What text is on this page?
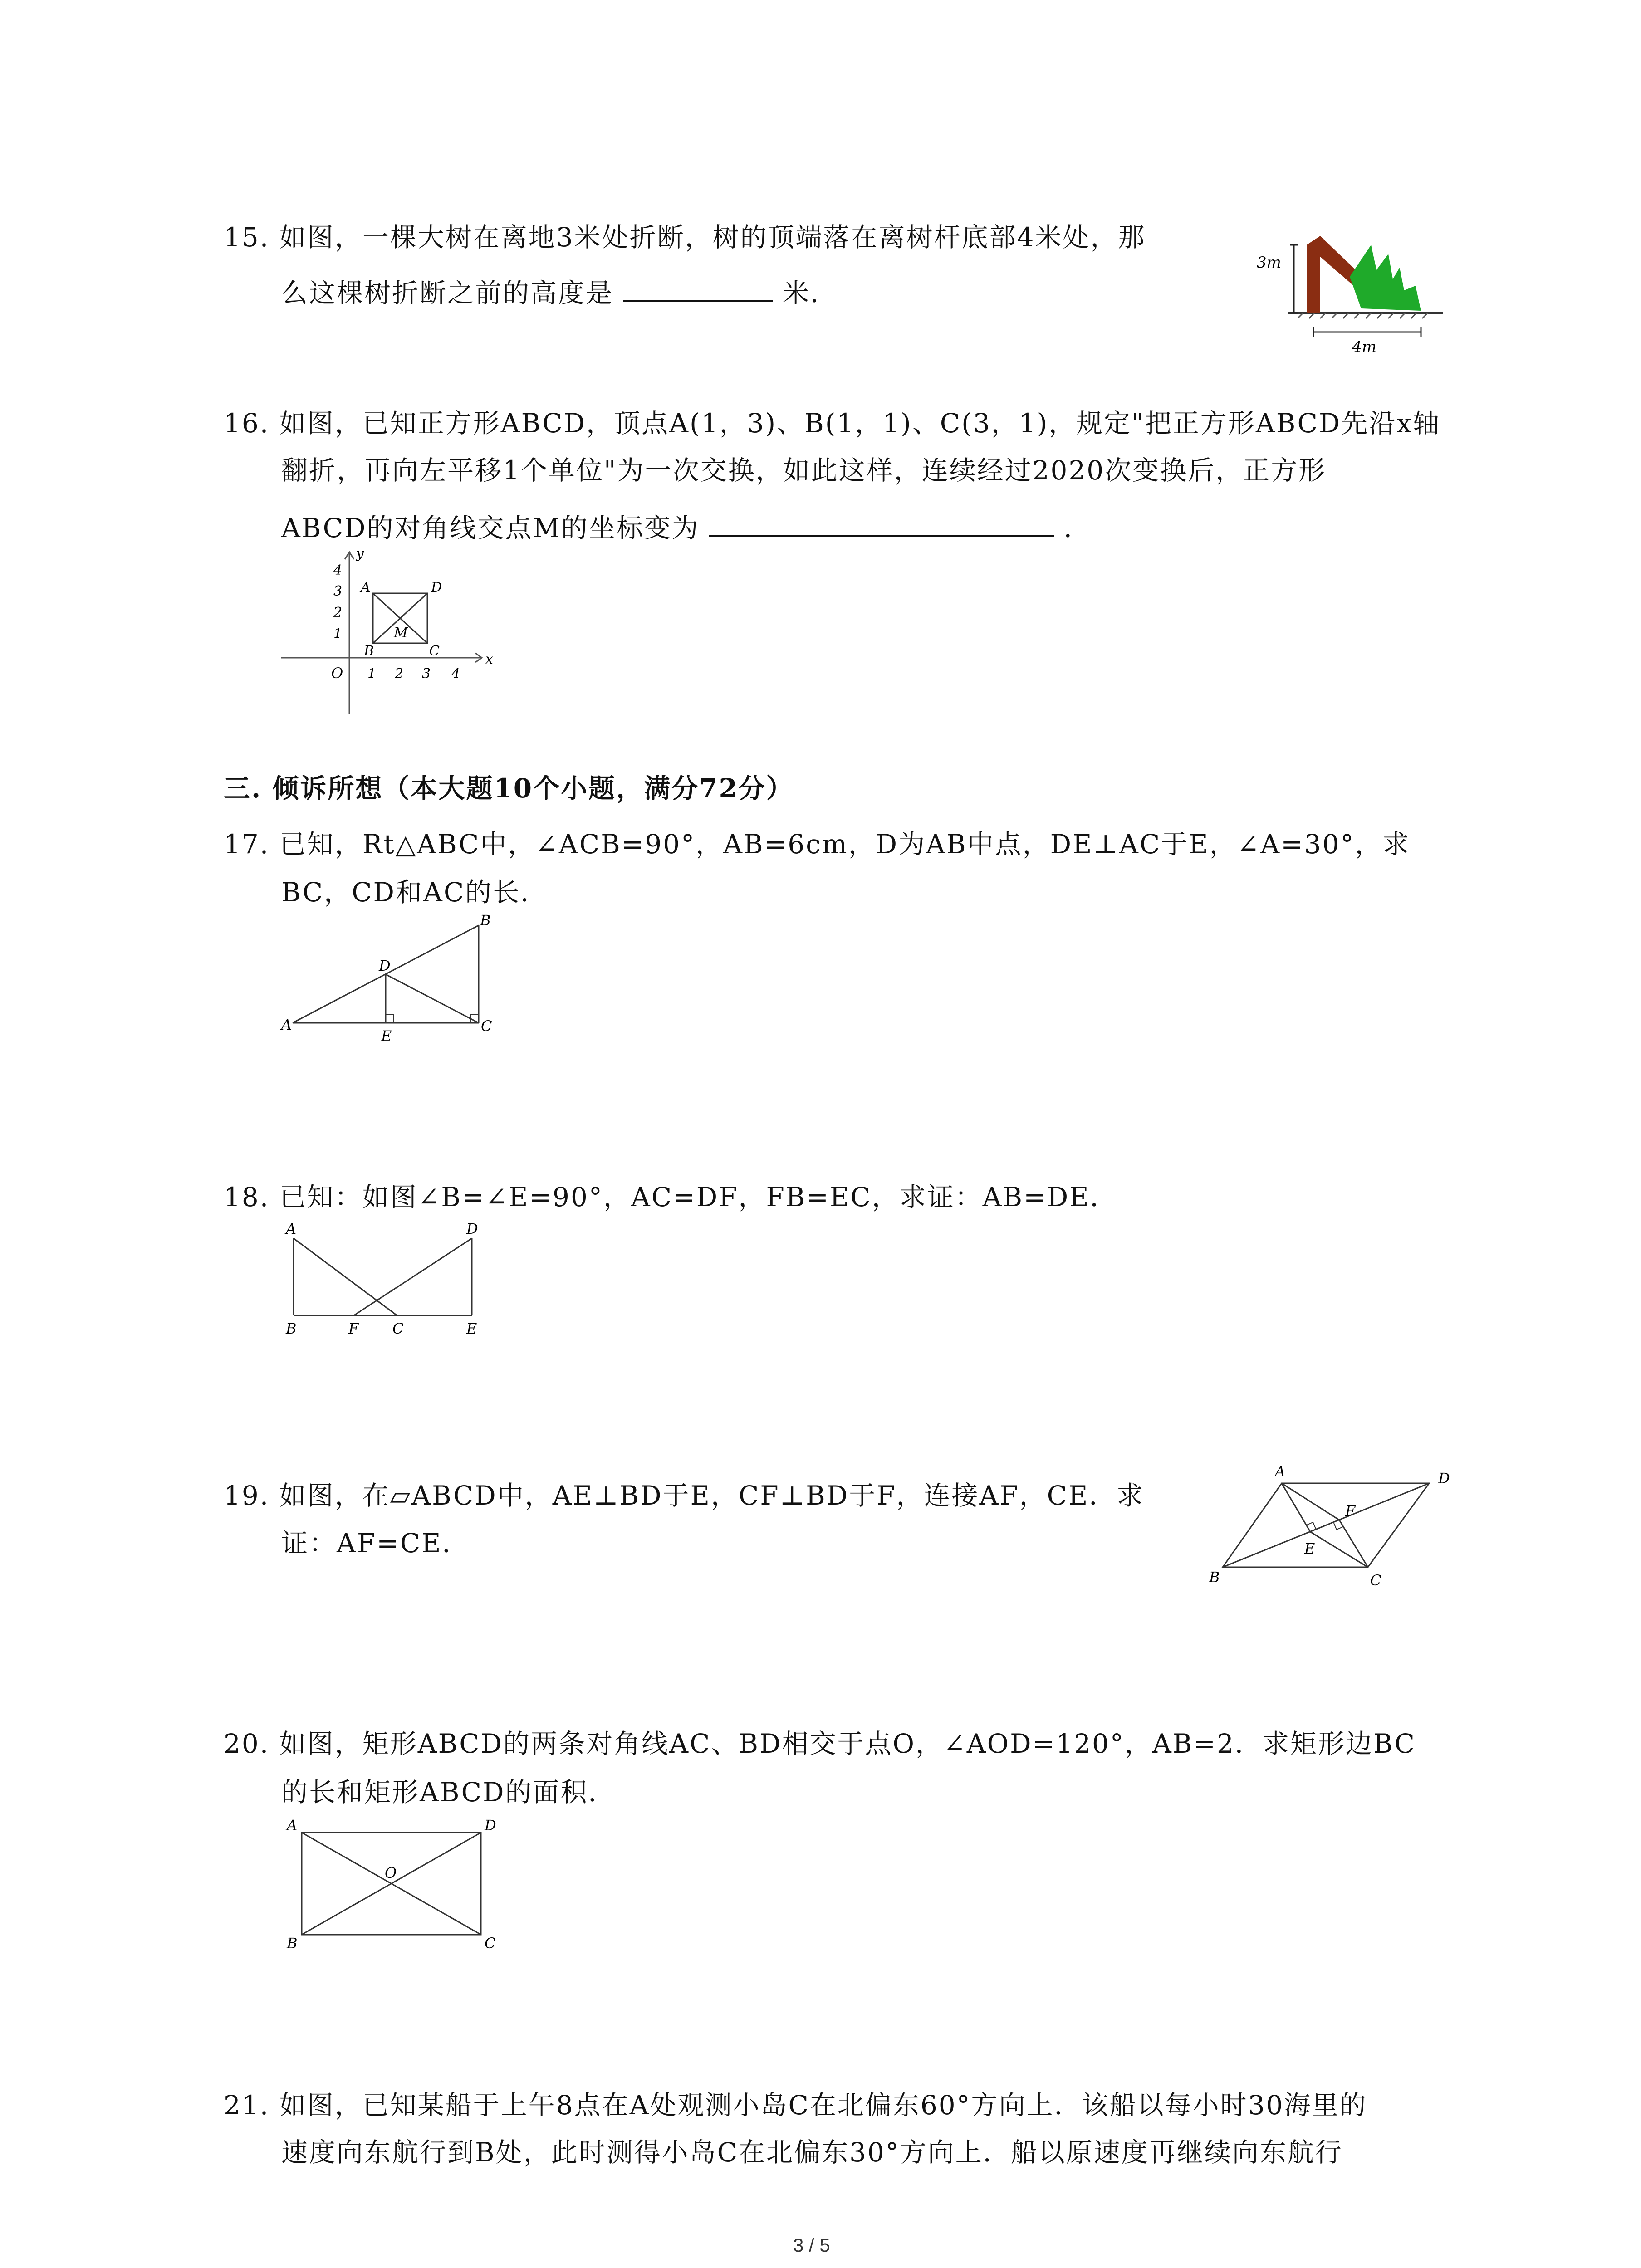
15. 如图，一棵大树在离地3米处折断，树的顶端落在离树杆底部4米处，那
么这棵树折断之前的高度是	米．
3m
4m
16. 如图，已知正方形ABCD，顶点A(1，3)、B(1，1)、C(3，1)，规定"把正方形ABCD先沿x轴
翻折，再向左平移1个单位"为一次交换，如此这样，连续经过2020次变换后，正方形
ABCD的对角线交点M的坐标变为	．
y
x
O
4
3
2
1
1 2 3 4
A
B	C
D
M
三. 倾诉所想（本大题10个小题，满分72分）
17. 已知，Rt△ABC中，∠ACB=90°，AB=6cm，D为AB中点，DE⊥AC于E，∠A=30°，求
BC，CD和AC的长．
A
B
C
D
E
18. 已知：如图∠B=∠E=90°，AC=DF，FB=EC，求证：AB=DE．
A
B	F C	E
D
19. 如图，在▱ABCD中，AE⊥BD于E，CF⊥BD于F，连接AF，CE．求
证：AF=CE．
A	D
B	C
E
F
20. 如图，矩形ABCD的两条对角线AC、BD相交于点O，∠AOD=120°，AB=2．求矩形边BC
的长和矩形ABCD的面积．
A	D
B	C
O
21. 如图，已知某船于上午8点在A处观测小岛C在北偏东60°方向上．该船以每小时30海里的
速度向东航行到B处，此时测得小岛C在北偏东30°方向上．船以原速度再继续向东航行
3 / 5
